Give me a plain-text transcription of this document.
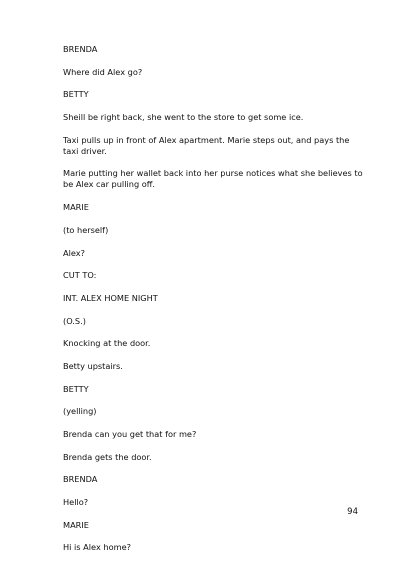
BRENDA
Where did Alex go?
BETTY
Sheill be right back, she went to the store to get some ice.
Taxi pulls up in front of Alex apartment. Marie steps out, and pays the taxi driver.
Marie putting her wallet back into her purse notices what she believes to be Alex car pulling off.
MARIE
(to herself)
Alex?
CUT TO:
INT. ALEX HOME NIGHT
(O.S.)
Knocking at the door.
Betty upstairs.
BETTY
(yelling)
Brenda can you get that for me?
Brenda gets the door.
BRENDA
Hello?
MARIE
Hi is Alex home?
94
